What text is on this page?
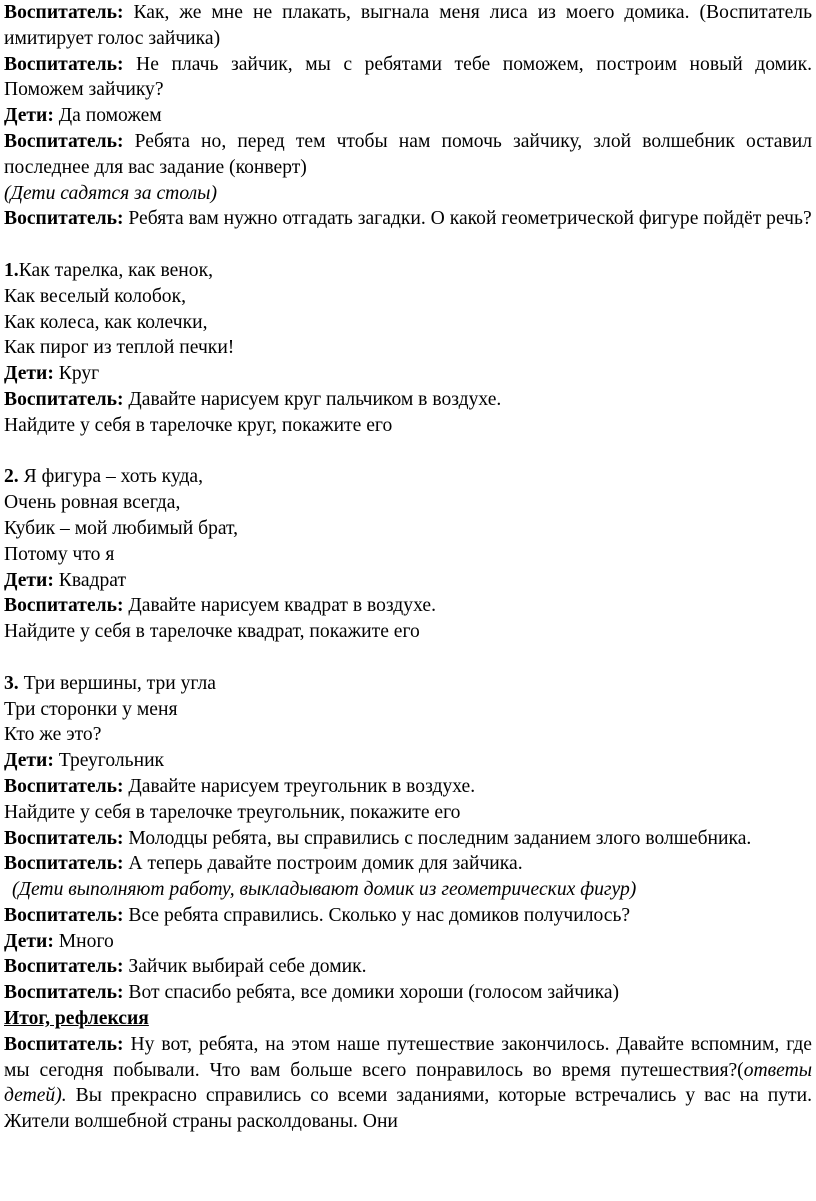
Воспитатель: Как, же мне не плакать, выгнала меня лиса из моего домика. (Воспитатель имитирует голос зайчика)

Воспитатель: Не плачь зайчик, мы с ребятами тебе поможем, построим новый домик. Поможем зайчику?

Дети: Да поможем

Воспитатель: Ребята но, перед тем чтобы нам помочь зайчику, злой волшебник оставил последнее для вас задание (конверт)

(Дети садятся за столы)

Воспитатель: Ребята вам нужно отгадать загадки. О какой геометрической фигуре пойдёт речь?

1.Как тарелка, как венок,

Как веселый колобок,

Как колеса, как колечки,

Как пирог из теплой печки!

Дети: Круг

Воспитатель: Давайте нарисуем круг пальчиком в воздухе.

Найдите у себя в тарелочке круг, покажите его

2. Я фигура – хоть куда,

Очень ровная всегда,

Кубик – мой любимый брат,

Потому что я

Дети: Квадрат

Воспитатель: Давайте нарисуем квадрат в воздухе.

Найдите у себя в тарелочке квадрат, покажите его

3. Три вершины, три угла

Три сторонки у меня

Кто же это?

Дети: Треугольник

Воспитатель: Давайте нарисуем треугольник в воздухе.

Найдите у себя в тарелочке треугольник, покажите его

Воспитатель: Молодцы ребята, вы справились с последним заданием злого волшебника.

Воспитатель: А теперь давайте построим домик для зайчика.

(Дети выполняют работу, выкладывают домик из геометрических фигур)

Воспитатель: Все ребята справились. Сколько у нас домиков получилось?

Дети: Много

Воспитатель: Зайчик выбирай себе домик.

Воспитатель: Вот спасибо ребята, все домики хороши (голосом зайчика)

Итог, рефлексия

Воспитатель: Ну вот, ребята, на этом наше путешествие закончилось. Давайте вспомним, где мы сегодня побывали. Что вам больше всего понравилось во время путешествия?(ответы детей). Вы прекрасно справились со всеми заданиями, которые встречались у вас на пути. Жители волшебной страны расколдованы. Они
